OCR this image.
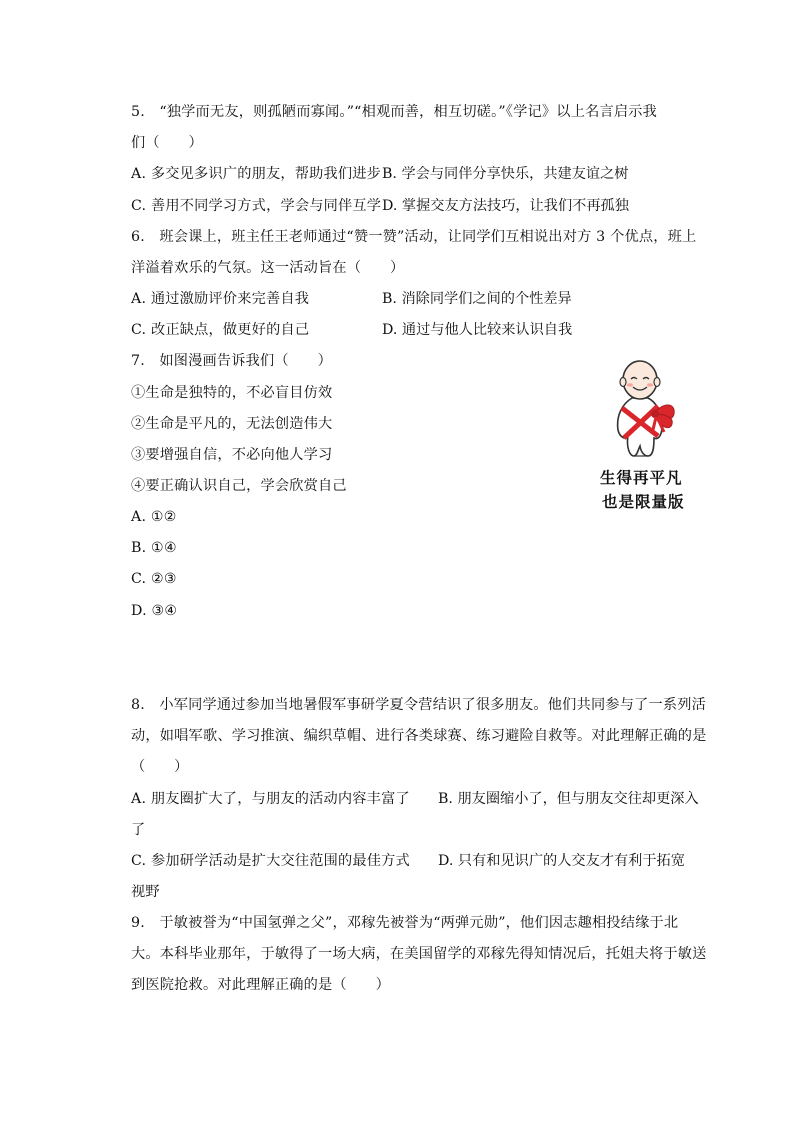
5.　“独学而无友，则孤陋而寡闻。”“相观而善，相互切磋。”《学记》以上名言启示我
们（　　）
A. 多交见多识广的朋友，帮助我们进步 B. 学会与同伴分享快乐，共建友谊之树
C. 善用不同学习方式，学会与同伴互学 D. 掌握交友方法技巧，让我们不再孤独
6.　班会课上，班主任王老师通过“赞一赞”活动，让同学们互相说出对方 3 个优点，班上
洋溢着欢乐的气氛。这一活动旨在（　　）
A. 通过激励评价来完善自我	B. 消除同学们之间的个性差异
C. 改正缺点，做更好的自己	D. 通过与他人比较来认识自我
7.　如图漫画告诉我们（　　）
①生命是独特的，不必盲目仿效
②生命是平凡的，无法创造伟大
③要增强自信，不必向他人学习
④要正确认识自己，学会欣赏自己
A. ①②
B. ①④
C. ②③
D. ③④
生得再平凡
也是限量版
8.　小军同学通过参加当地暑假军事研学夏令营结识了很多朋友。他们共同参与了一系列活
动，如唱军歌、学习推演、编织草帽、进行各类球赛、练习避险自救等。对此理解正确的是
（　　）
A. 朋友圈扩大了，与朋友的活动内容丰富了 B. 朋友圈缩小了，但与朋友交往却更深入
了
C. 参加研学活动是扩大交往范围的最佳方式 D. 只有和见识广的人交友才有利于拓宽
视野
9.　于敏被誉为“中国氢弹之父”，邓稼先被誉为“两弹元勋”，他们因志趣相投结缘于北
大。本科毕业那年，于敏得了一场大病，在美国留学的邓稼先得知情况后，托姐夫将于敏送
到医院抢救。对此理解正确的是（　　）
